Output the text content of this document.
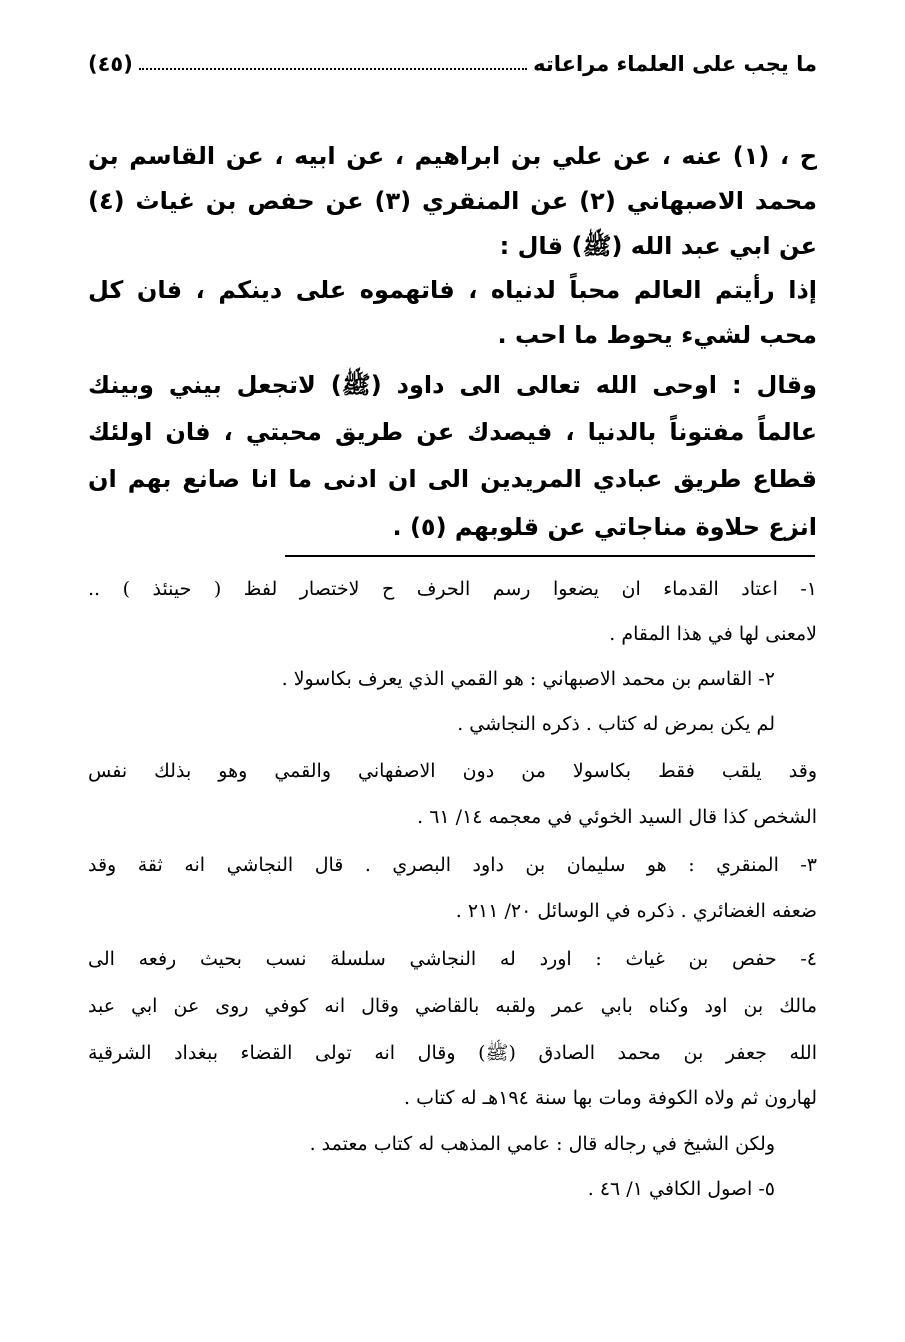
ما يجب على العلماء مراعاته
(٤٥)
ح ، (١) عنه ، عن علي بن ابراهيم ، عن ابيه ، عن القاسم بن
محمد الاصبهاني (٢) عن المنقري (٣) عن حفص بن غياث (٤)
عن ابي عبد الله (ﷺ) قال :
إذا رأيتم العالم محباً لدنياه ، فاتهموه على دينكم ، فان كل
محب لشيء يحوط ما احب .
وقال : اوحى الله تعالى الى داود (ﷺ) لاتجعل بيني وبينك
عالماً مفتوناً بالدنيا ، فيصدك عن طريق محبتي ، فان اولئك
قطاع طريق عبادي المريدين الى ان ادنى ما انا صانع بهم ان
انزع حلاوة مناجاتي عن قلوبهم (٥) .
١- اعتاد القدماء ان يضعوا رسم الحرف ح لاختصار لفظ ( حينئذ ) ..
لامعنى لها في هذا المقام .
٢- القاسم بن محمد الاصبهاني : هو القمي الذي يعرف بكاسولا .
لم يكن بمرض له كتاب . ذكره النجاشي .
وقد يلقب فقط بكاسولا من دون الاصفهاني والقمي وهو بذلك نفس
الشخص كذا قال السيد الخوئي في معجمه ١٤/ ٦١ .
٣- المنقري : هو سليمان بن داود البصري . قال النجاشي انه ثقة وقد
ضعفه الغضائري . ذكره في الوسائل ٢٠/ ٢١١ .
٤- حفص بن غياث : اورد له النجاشي سلسلة نسب بحيث رفعه الى
مالك بن اود وكناه بابي عمر ولقبه بالقاضي وقال انه كوفي روى عن ابي عبد
الله جعفر بن محمد الصادق (ﷺ) وقال انه تولى القضاء ببغداد الشرقية
لهارون ثم ولاه الكوفة ومات بها سنة ١٩٤هـ له كتاب .
ولكن الشيخ في رجاله قال : عامي المذهب له كتاب معتمد .
٥- اصول الكافي ١/ ٤٦ .
